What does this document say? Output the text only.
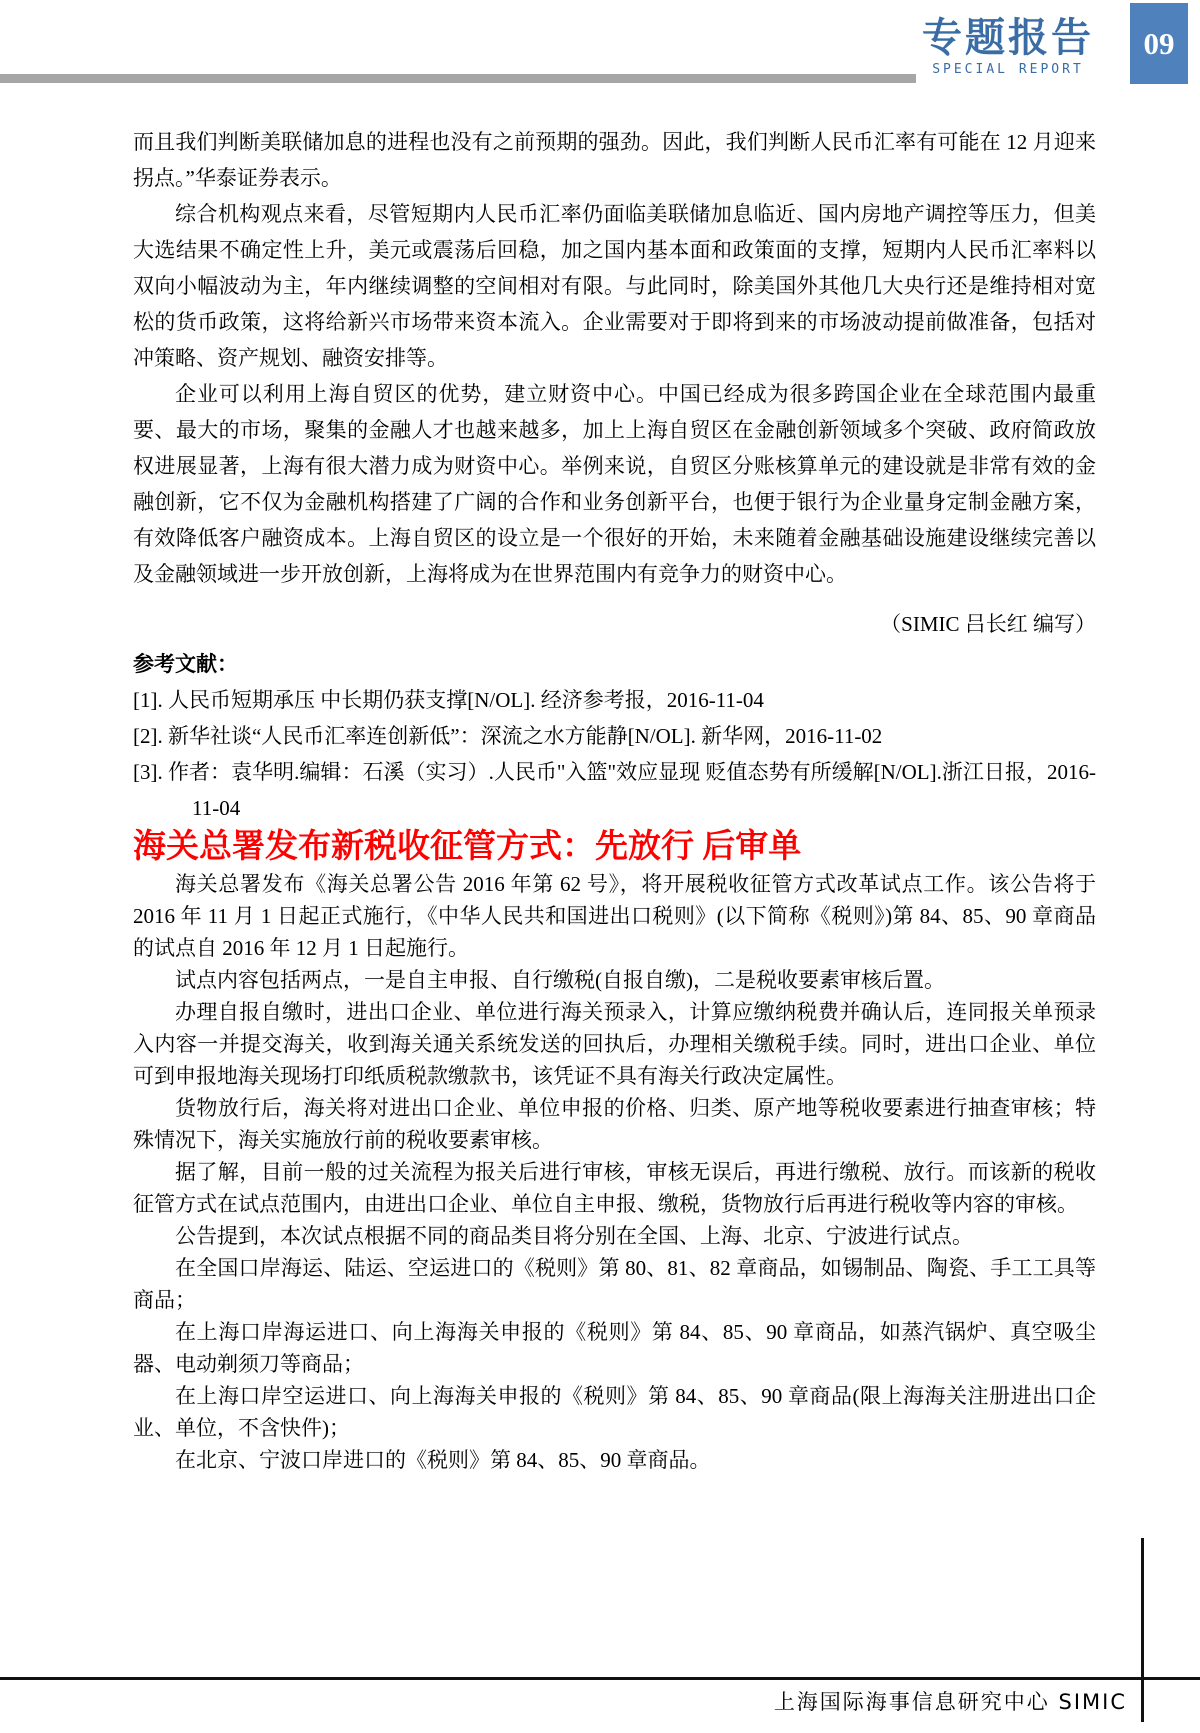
专题报告
SPECIAL REPORT
09

而且我们判断美联储加息的进程也没有之前预期的强劲。因此，我们判断人民币汇率有可能在 12 月迎来拐点。”华泰证券表示。

综合机构观点来看，尽管短期内人民币汇率仍面临美联储加息临近、国内房地产调控等压力，但美大选结果不确定性上升，美元或震荡后回稳，加之国内基本面和政策面的支撑，短期内人民币汇率料以双向小幅波动为主，年内继续调整的空间相对有限。与此同时，除美国外其他几大央行还是维持相对宽松的货币政策，这将给新兴市场带来资本流入。企业需要对于即将到来的市场波动提前做准备，包括对冲策略、资产规划、融资安排等。

企业可以利用上海自贸区的优势，建立财资中心。中国已经成为很多跨国企业在全球范围内最重要、最大的市场，聚集的金融人才也越来越多，加上上海自贸区在金融创新领域多个突破、政府简政放权进展显著，上海有很大潜力成为财资中心。举例来说，自贸区分账核算单元的建设就是非常有效的金融创新，它不仅为金融机构搭建了广阔的合作和业务创新平台，也便于银行为企业量身定制金融方案，有效降低客户融资成本。上海自贸区的设立是一个很好的开始，未来随着金融基础设施建设继续完善以及金融领域进一步开放创新，上海将成为在世界范围内有竞争力的财资中心。

（SIMIC 吕长红 编写）

参考文献：

[1]. 人民币短期承压 中长期仍获支撑[N/OL]. 经济参考报，2016-11-04

[2]. 新华社谈“人民币汇率连创新低”：深流之水方能静[N/OL]. 新华网，2016-11-02

[3]. 作者：袁华明.编辑：石溪（实习）.人民币"入篮"效应显现 贬值态势有所缓解[N/OL].浙江日报，2016-11-04

海关总署发布新税收征管方式：先放行 后审单

海关总署发布《海关总署公告 2016 年第 62 号》，将开展税收征管方式改革试点工作。该公告将于 2016 年 11 月 1 日起正式施行，《中华人民共和国进出口税则》(以下简称《税则》)第 84、85、90 章商品的试点自 2016 年 12 月 1 日起施行。

试点内容包括两点，一是自主申报、自行缴税(自报自缴)，二是税收要素审核后置。

办理自报自缴时，进出口企业、单位进行海关预录入，计算应缴纳税费并确认后，连同报关单预录入内容一并提交海关，收到海关通关系统发送的回执后，办理相关缴税手续。同时，进出口企业、单位可到申报地海关现场打印纸质税款缴款书，该凭证不具有海关行政决定属性。

货物放行后，海关将对进出口企业、单位申报的价格、归类、原产地等税收要素进行抽查审核；特殊情况下，海关实施放行前的税收要素审核。

据了解，目前一般的过关流程为报关后进行审核，审核无误后，再进行缴税、放行。而该新的税收征管方式在试点范围内，由进出口企业、单位自主申报、缴税，货物放行后再进行税收等内容的审核。

公告提到，本次试点根据不同的商品类目将分别在全国、上海、北京、宁波进行试点。

在全国口岸海运、陆运、空运进口的《税则》第 80、81、82 章商品，如锡制品、陶瓷、手工工具等商品；

在上海口岸海运进口、向上海海关申报的《税则》第 84、85、90 章商品，如蒸汽锅炉、真空吸尘器、电动剃须刀等商品；

在上海口岸空运进口、向上海海关申报的《税则》第 84、85、90 章商品(限上海海关注册进出口企业、单位，不含快件)；

在北京、宁波口岸进口的《税则》第 84、85、90 章商品。

上海国际海事信息研究中心 SIMIC
